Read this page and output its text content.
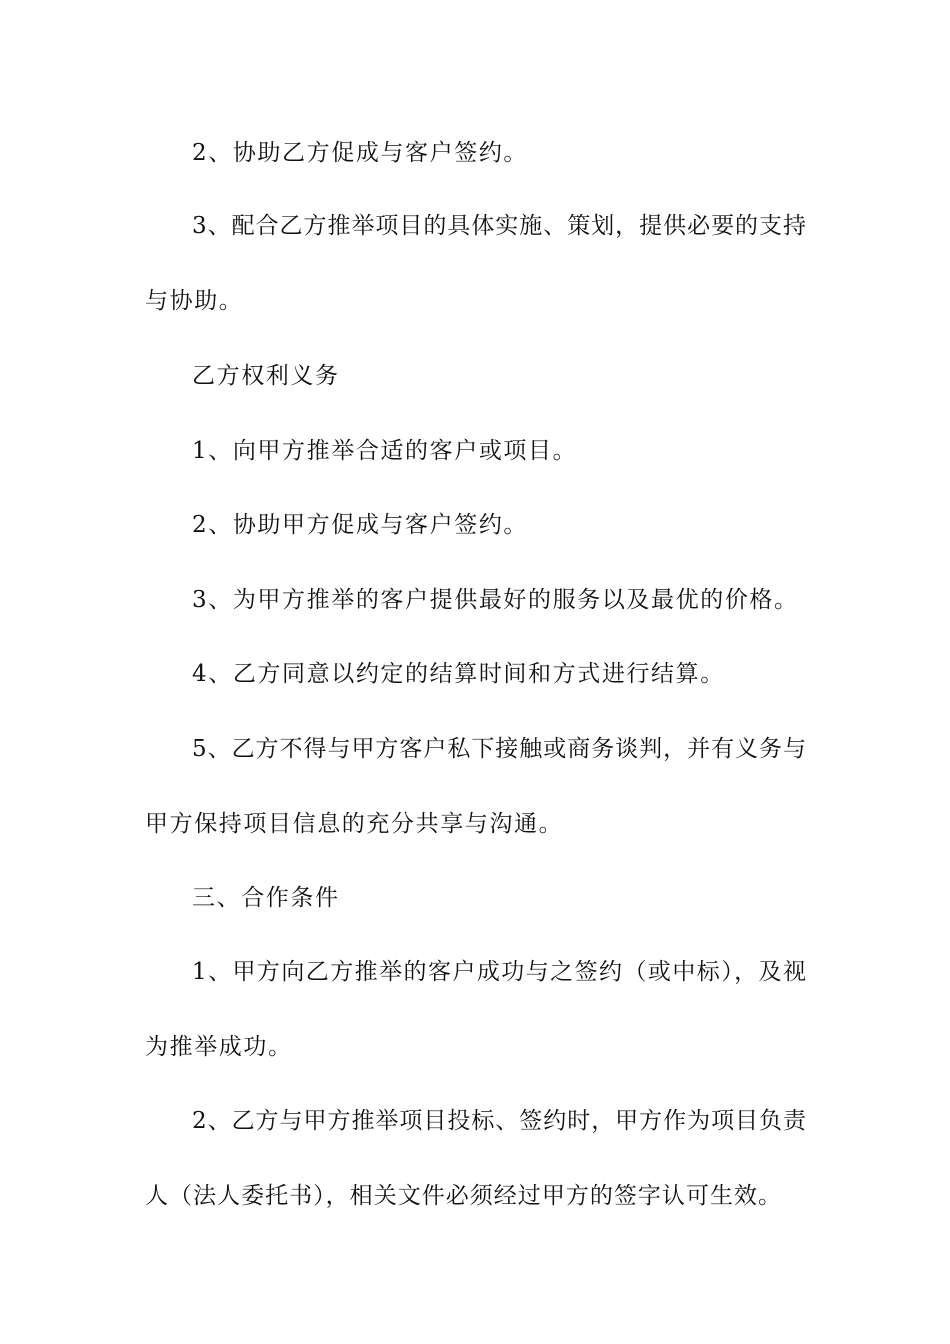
2、协助乙方促成与客户签约。
3、配合乙方推举项目的具体实施、策划，提供必要的支持
与协助。
乙方权利义务
1、向甲方推举合适的客户或项目。
2、协助甲方促成与客户签约。
3、为甲方推举的客户提供最好的服务以及最优的价格。
4、乙方同意以约定的结算时间和方式进行结算。
5、乙方不得与甲方客户私下接触或商务谈判，并有义务与
甲方保持项目信息的充分共享与沟通。
三、合作条件
1、甲方向乙方推举的客户成功与之签约（或中标），及视
为推举成功。
2、乙方与甲方推举项目投标、签约时，甲方作为项目负责
人（法人委托书），相关文件必须经过甲方的签字认可生效。
